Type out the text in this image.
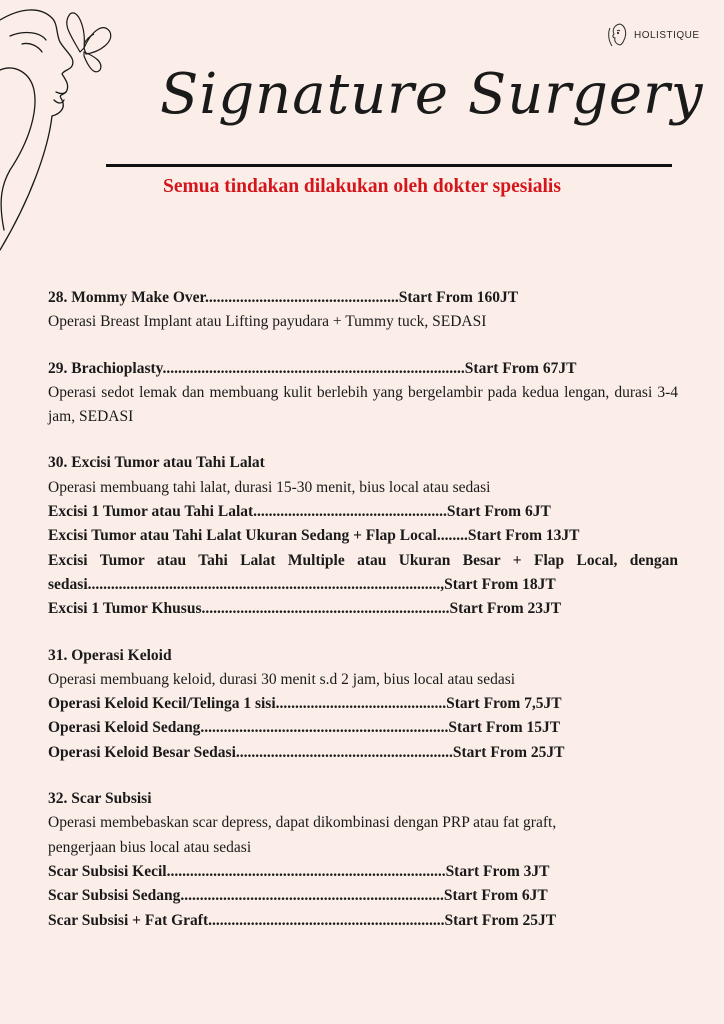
HOLISTIQUE
Signature Surgery
Semua tindakan dilakukan oleh dokter spesialis
28. Mommy Make Over..................................................Start From 160JT
Operasi Breast Implant atau Lifting payudara + Tummy tuck, SEDASI
29. Brachioplasty..............................................................................Start From 67JT
Operasi sedot lemak dan membuang kulit berlebih yang bergelambir pada kedua lengan, durasi 3-4 jam, SEDASI
30. Excisi Tumor atau Tahi Lalat
Operasi membuang tahi lalat, durasi 15-30 menit, bius local atau sedasi
Excisi 1 Tumor atau Tahi Lalat..................................................Start From 6JT
Excisi Tumor atau Tahi Lalat Ukuran Sedang + Flap Local........Start From 13JT
Excisi Tumor atau Tahi Lalat Multiple atau Ukuran Besar + Flap Local, dengan
sedasi...........................................................................................,Start From 18JT
Excisi 1 Tumor Khusus................................................................Start From 23JT
31. Operasi Keloid
Operasi membuang keloid, durasi 30 menit s.d 2 jam, bius local atau sedasi
Operasi Keloid Kecil/Telinga 1 sisi............................................Start From 7,5JT
Operasi Keloid Sedang................................................................Start From 15JT
Operasi Keloid Besar Sedasi........................................................Start From 25JT
32. Scar Subsisi
Operasi membebaskan scar depress, dapat dikombinasi dengan PRP atau fat graft,
pengerjaan bius local atau sedasi
Scar Subsisi Kecil........................................................................Start From 3JT
Scar Subsisi Sedang....................................................................Start From 6JT
Scar Subsisi + Fat Graft.............................................................Start From 25JT
